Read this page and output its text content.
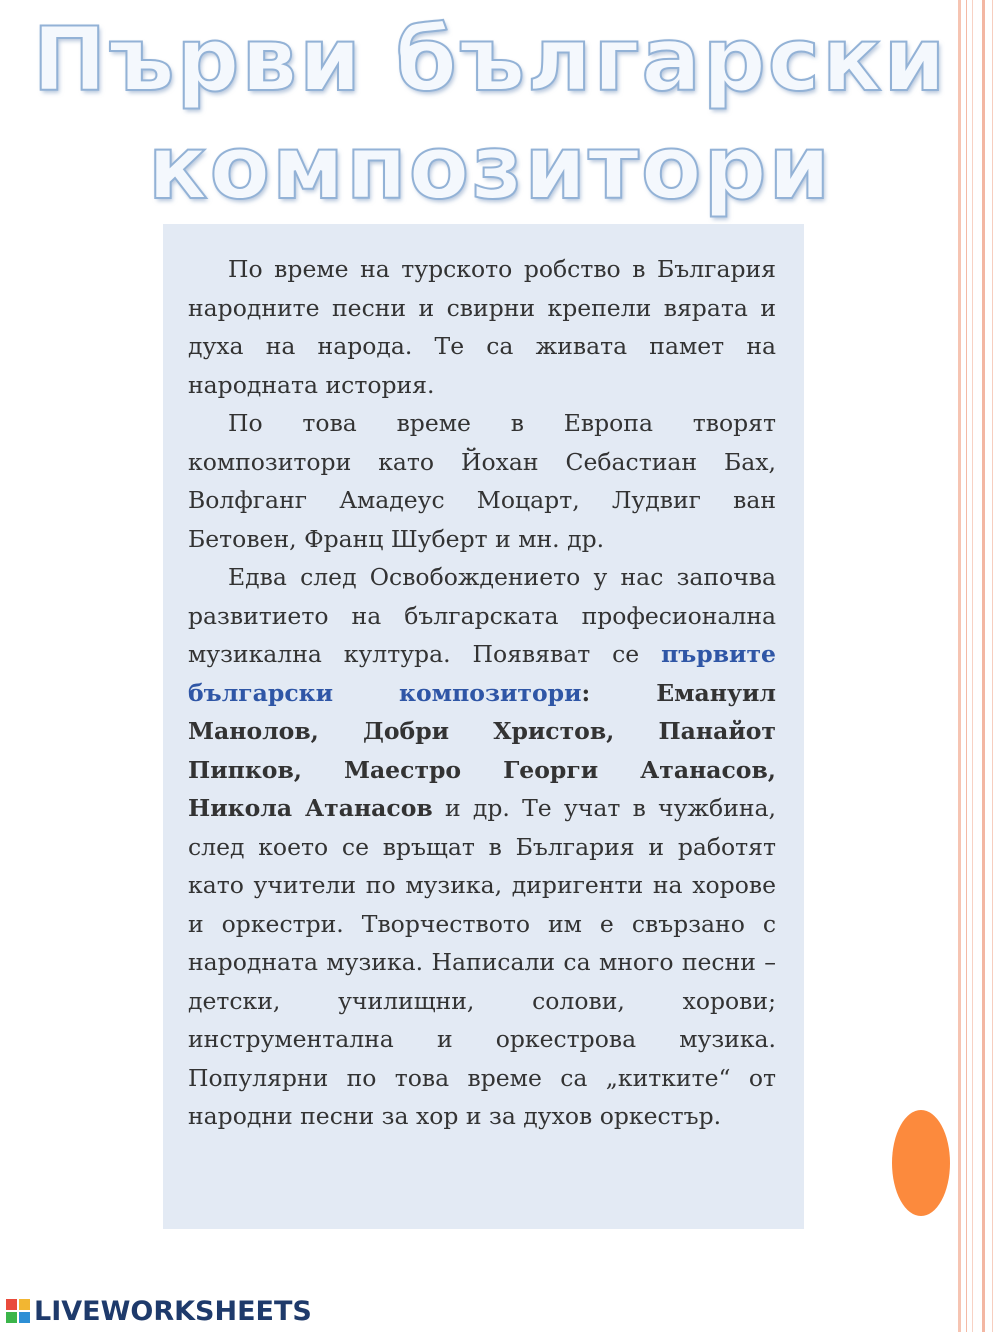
Първи български
композитори

По време на турското робство в България народните песни и свирни крепели вярата и духа на народа. Те са живата памет на народната история.

По това време в Европа творят композитори като Йохан Себастиан Бах, Волфганг Амадеус Моцарт, Лудвиг ван Бетовен, Франц Шуберт и мн. др.

Едва след Освобождението у нас започва развитието на българската професионална музикална култура. Появяват се първите български композитори: Емануил Манолов, Добри Христов, Панайот Пипков, Маестро Георги Атанасов, Никола Атанасов и др. Те учат в чужбина, след което се връщат в България и работят като учители по музика, диригенти на хорове и оркестри. Творчеството им е свързано с народната музика. Написали са много песни – детски, училищни, солови, хорови; инструментална и оркестрова музика. Популярни по това време са „китките“ от народни песни за хор и за духов оркестър.

LIVEWORKSHEETS
